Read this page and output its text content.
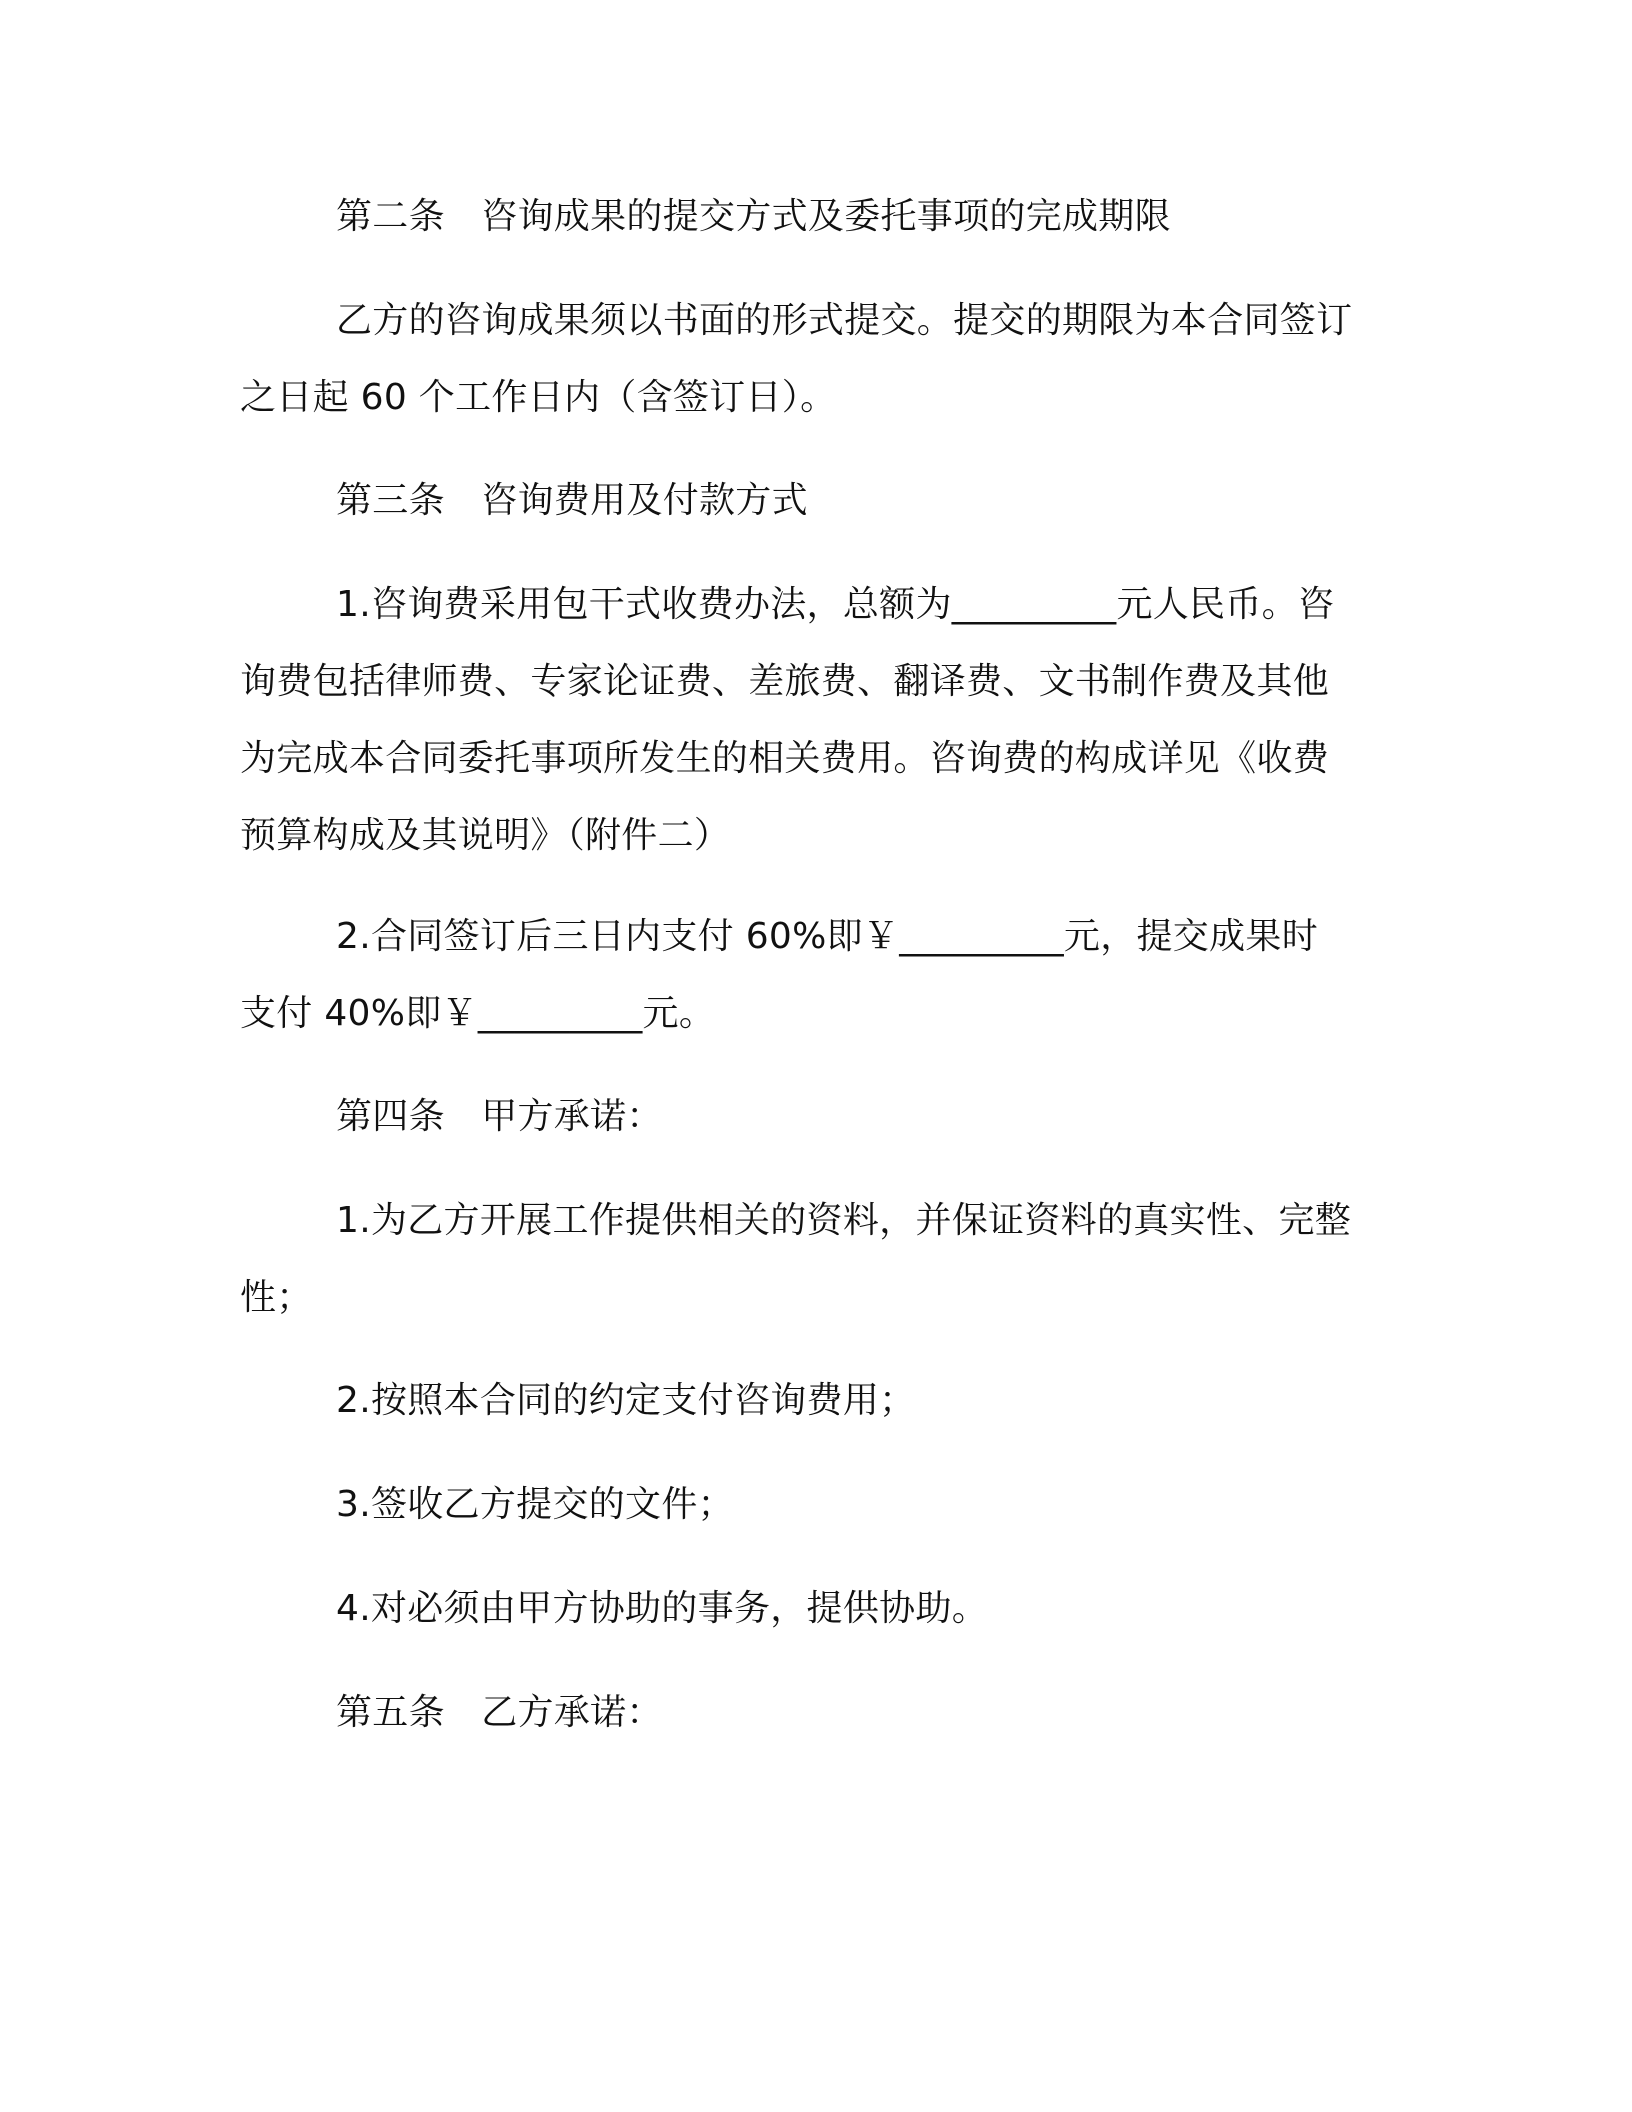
第二条　咨询成果的提交方式及委托事项的完成期限

乙方的咨询成果须以书面的形式提交。提交的期限为本合同签订
之日起 60 个工作日内（含签订日）。

第三条　咨询费用及付款方式

1.咨询费采用包干式收费办法，总额为_________元人民币。咨
询费包括律师费、专家论证费、差旅费、翻译费、文书制作费及其他
为完成本合同委托事项所发生的相关费用。咨询费的构成详见《收费
预算构成及其说明》（附件二）

2.合同签订后三日内支付 60%即￥_________元，提交成果时
支付 40%即￥_________元。

第四条　甲方承诺：

1.为乙方开展工作提供相关的资料，并保证资料的真实性、完整
性；

2.按照本合同的约定支付咨询费用；

3.签收乙方提交的文件；

4.对必须由甲方协助的事务，提供协助。

第五条　乙方承诺：
